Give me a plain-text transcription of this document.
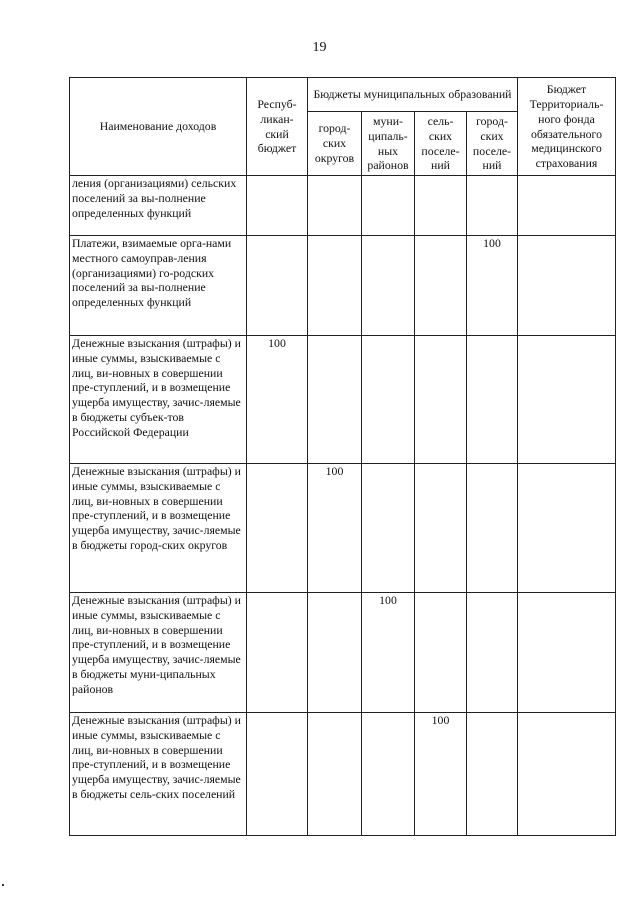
19
Наименование доходов	Респуб-ликан-ский бюджет	Бюджеты муниципальных образований				Бюджет Территориаль-ного фонда обязательного медицинского страхования
		город-ских округов	муни-ципаль-ных районов	сель-ских поселе-ний	город-ских поселе-ний	
ления (организациями) сельских поселений за вы-полнение определенных функций						
Платежи, взимаемые орга-нами местного самоуправ-ления (организациями) го-родских поселений за вы-полнение определенных функций					100	
Денежные взыскания (штрафы) и иные суммы, взыскиваемые с лиц, ви-новных в совершении пре-ступлений, и в возмещение ущерба имуществу, зачис-ляемые в бюджеты субъек-тов Российской Федерации	100					
Денежные взыскания (штрафы) и иные суммы, взыскиваемые с лиц, ви-новных в совершении пре-ступлений, и в возмещение ущерба имуществу, зачис-ляемые в бюджеты город-ских округов		100				
Денежные взыскания (штрафы) и иные суммы, взыскиваемые с лиц, ви-новных в совершении пре-ступлений, и в возмещение ущерба имуществу, зачис-ляемые в бюджеты муни-ципальных районов			100			
Денежные взыскания (штрафы) и иные суммы, взыскиваемые с лиц, ви-новных в совершении пре-ступлений, и в возмещение ущерба имуществу, зачис-ляемые в бюджеты сель-ских поселений				100		
